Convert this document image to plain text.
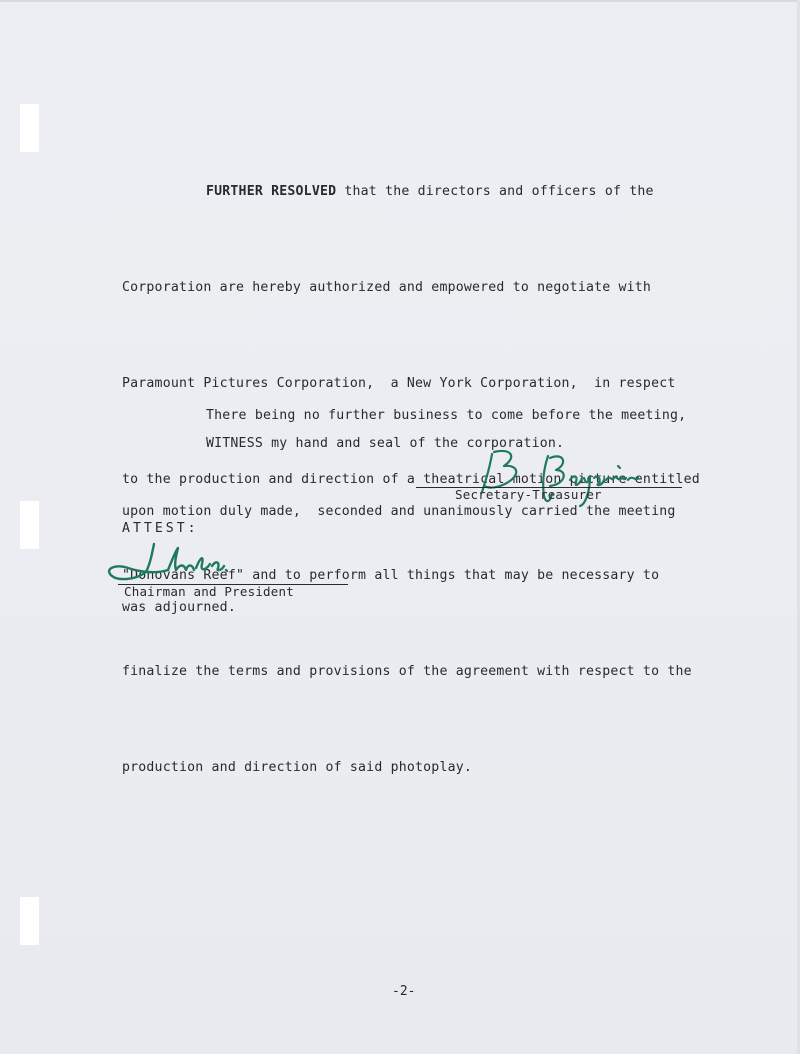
FURTHER RESOLVED that the directors and officers of the

Corporation are hereby authorized and empowered to negotiate with

Paramount Pictures Corporation,  a New York Corporation,  in respect

to the production and direction of a theatrical motion picture entitled

"Donovans Reef" and to perform all things that may be necessary to

finalize the terms and provisions of the agreement with respect to the

production and direction of said photoplay.

There being no further business to come before the meeting,

upon motion duly made,  seconded and unanimously carried the meeting

was adjourned.

WITNESS my hand and seal of the corporation.
Secretary-Treasurer
ATTEST:
Chairman and President
-2-
